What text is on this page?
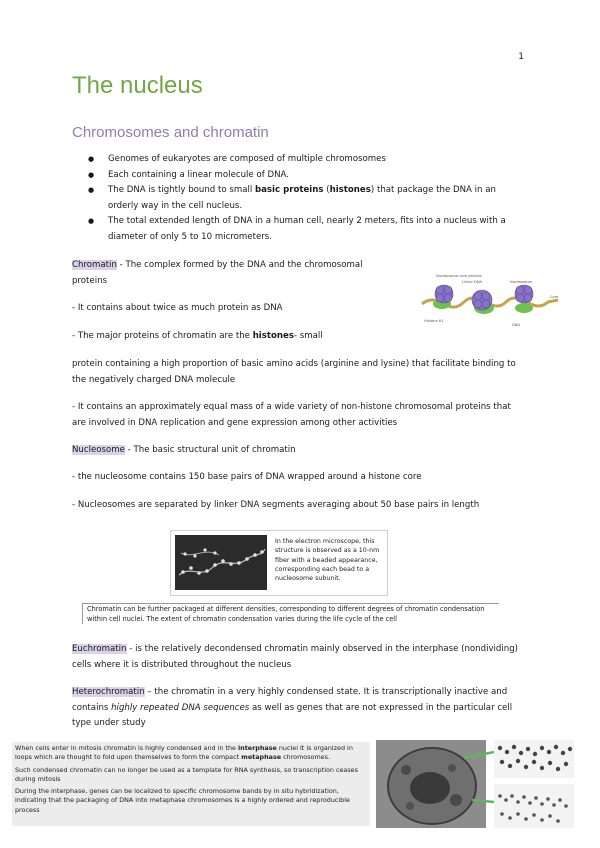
1
The nucleus
Chromosomes and chromatin
● Genomes of eukaryotes are composed of multiple chromosomes
● Each containing a linear molecule of DNA.
● The DNA is tightly bound to small basic proteins (histones) that package the DNA in an orderly way in the cell nucleus.
● The total extended length of DNA in a human cell, nearly 2 meters, fits into a nucleus with a diameter of only 5 to 10 micrometers.
Chromatin - The complex formed by the DNA and the chromosomal proteins
- It contains about twice as much protein as DNA
- The major proteins of chromatin are the histones- small
Nucleosome core particle
Linker DNA	Nucleosome
Histone H1
Core
DNA
protein containing a high proportion of basic amino acids (arginine and lysine) that facilitate binding to the negatively charged DNA molecule
- It contains an approximately equal mass of a wide variety of non-histone chromosomal proteins that are involved in DNA replication and gene expression among other activities
Nucleosome - The basic structural unit of chromatin
- the nucleosome contains 150 base pairs of DNA wrapped around a histone core
- Nucleosomes are separated by linker DNA segments averaging about 50 base pairs in length
In the electron microscope, this structure is observed as a 10-nm fiber with a beaded appearance, corresponding each bead to a nucleosome subunit.
Chromatin can be further packaged at different densities, corresponding to different degrees of chromatin condensation within cell nuclei. The extent of chromatin condensation varies during the life cycle of the cell
Euchromatin - is the relatively decondensed chromatin mainly observed in the interphase (nondividing) cells where it is distributed throughout the nucleus
Heterochromatin – the chromatin in a very highly condensed state. It is transcriptionally inactive and contains highly repeated DNA sequences as well as genes that are not expressed in the particular cell type under study
When cells enter in mitosis chromatin is highly condensed and in the interphase nuclei it is organized in loops which are thought to fold upon themselves to form the compact metaphase chromosomes.
Such condensed chromatin can no longer be used as a template for RNA synthesis, so transcription ceases during mitosis
During the interphase, genes can be localized to specific chromosome bands by in situ hybridization, indicating that the packaging of DNA into metaphase chromosomes is a highly ordered and reproducible process
